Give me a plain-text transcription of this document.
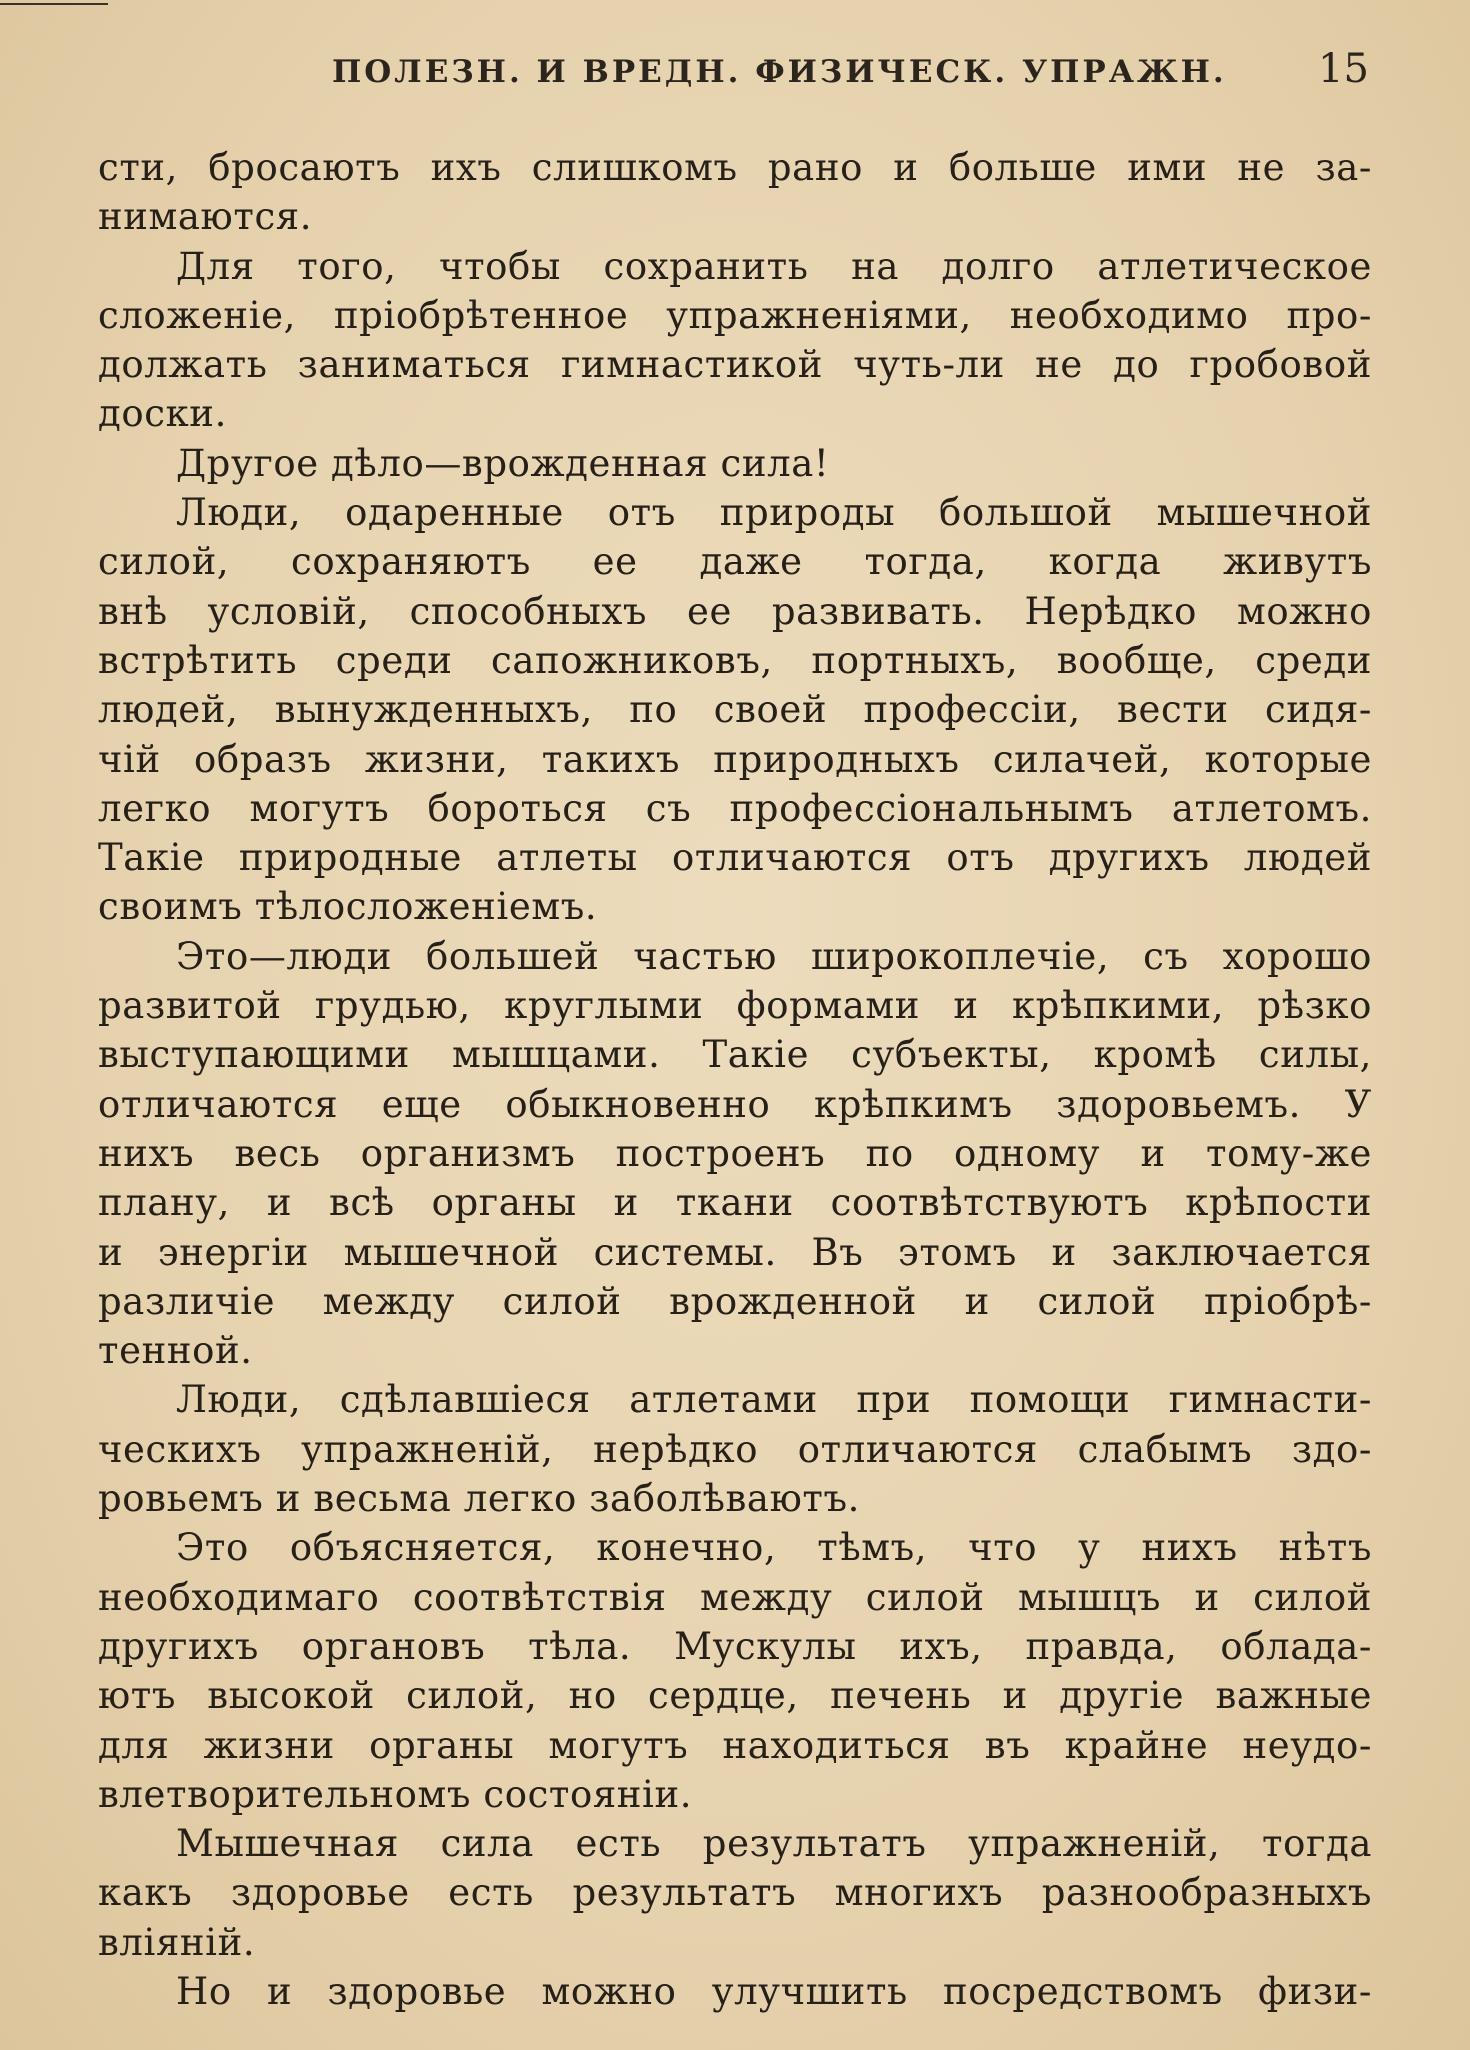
ПОЛЕЗН. И ВРЕДН. ФИЗИЧЕСК. УПРАЖН. 15
сти, бросаютъ ихъ слишкомъ рано и больше ими не за-
нимаются.
Для того, чтобы сохранить на долго атлетическое
сложенiе, прiобрѣтенное упражненiями, необходимо про-
должать заниматься гимнастикой чуть-ли не до гробовой
доски.
Другое дѣло—врожденная сила!
Люди, одаренные отъ природы большой мышечной
силой, сохраняютъ ее даже тогда, когда живутъ
внѣ условiй, способныхъ ее развивать. Нерѣдко можно
встрѣтить среди сапожниковъ, портныхъ, вообще, среди
людей, вынужденныхъ, по своей профессiи, вести сидя-
чiй образъ жизни, такихъ природныхъ силачей, которые
легко могутъ бороться съ профессiональнымъ атлетомъ.
Такiе природные атлеты отличаются отъ другихъ людей
своимъ тѣлосложенiемъ.
Это—люди большей частью широкоплечiе, съ хорошо
развитой грудью, круглыми формами и крѣпкими, рѣзко
выступающими мышцами. Такiе субъекты, кромѣ силы,
отличаются еще обыкновенно крѣпкимъ здоровьемъ. У
нихъ весь организмъ построенъ по одному и тому-же
плану, и всѣ органы и ткани соотвѣтствуютъ крѣпости
и энергiи мышечной системы. Въ этомъ и заключается
различiе между силой врожденной и силой прiобрѣ-
тенной.
Люди, сдѣлавшiеся атлетами при помощи гимнасти-
ческихъ упражненiй, нерѣдко отличаются слабымъ здо-
ровьемъ и весьма легко заболѣваютъ.
Это объясняется, конечно, тѣмъ, что у нихъ нѣтъ
необходимаго соотвѣтствiя между силой мышцъ и силой
другихъ органовъ тѣла. Мускулы ихъ, правда, облада-
ютъ высокой силой, но сердце, печень и другiе важные
для жизни органы могутъ находиться въ крайне неудо-
влетворительномъ состоянiи.
Мышечная сила есть результатъ упражненiй, тогда
какъ здоровье есть результатъ многихъ разнообразныхъ
влiянiй.
Но и здоровье можно улучшить посредствомъ физи-
